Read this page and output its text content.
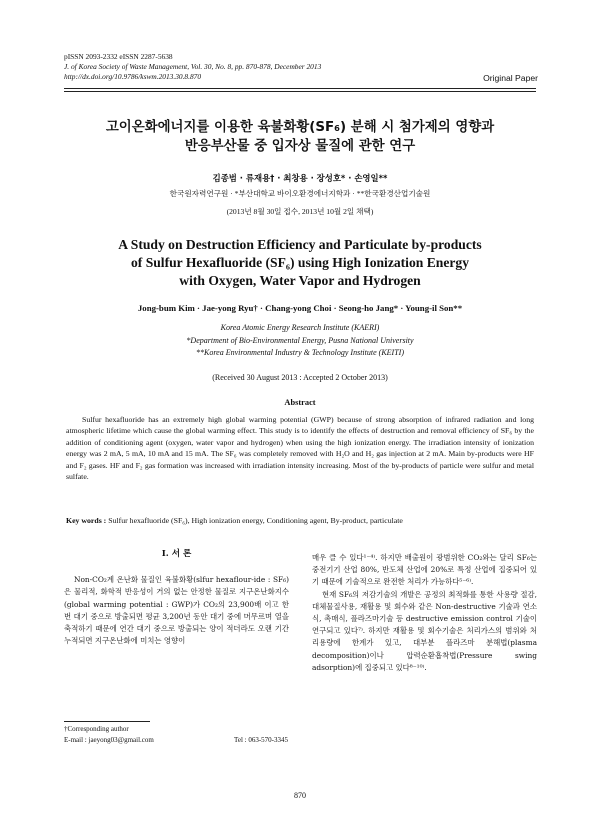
pISSN 2093-2332 eISSN 2287-5638
J. of Korea Society of Waste Management, Vol. 30, No. 8, pp. 870-878, December 2013
http://dx.doi.org/10.9786/kswm.2013.30.8.870	Original Paper
고이온화에너지를 이용한 육불화황(SF₆) 분해 시 첨가제의 영향과
반응부산물 중 입자상 물질에 관한 연구
김종범 · 류재용† · 최창용 · 장성호* · 손영일**
한국원자력연구원 · *부산대학교 바이오환경에너지학과 · **한국환경산업기술원
(2013년 8월 30일 접수, 2013년 10월 2일 채택)
A Study on Destruction Efficiency and Particulate by-products
of Sulfur Hexafluoride (SF₆) using High Ionization Energy
with Oxygen, Water Vapor and Hydrogen
Jong-bum Kim · Jae-yong Ryu† · Chang-yong Choi · Seong-ho Jang* · Young-il Son**
Korea Atomic Energy Research Institute (KAERI)
*Department of Bio-Environmental Energy, Pusna National University
**Korea Environmental Industry & Technology Institute (KEITI)
(Received 30 August 2013 : Accepted 2 October 2013)
Abstract
Sulfur hexafluoride has an extremely high global warming potential (GWP) because of strong absorption of infrared radiation and long atmospheric lifetime which cause the global warming effect. This study is to identify the effects of destruction and removal efficiency of SF₆ by the addition of conditioning agent (oxygen, water vapor and hydrogen) when using the high ionization energy. The irradiation intensity of ionization energy was 2 mA, 5 mA, 10 mA and 15 mA. The SF₆ was completely removed with H₂O and H₂ gas injection at 2 mA. Main by-products were HF and F₂ gases. HF and F₂ gas formation was increased with irradiation intensity increasing. Most of the by-products of particle were sulfur and metal sulfate.
Key words : Sulfur hexafluoride (SF₆), High ionization energy, Conditioning agent, By-product, particulate
I. 서 론

Non-CO₂계 온난화 물질인 육불화황(slfur hexaflour-ide : SF₆)은 물리적, 화학적 반응성이 거의 없는 안정한 물질로 지구온난화지수(global warming potential : GWP)가 CO₂의 23,900배 이고 한번 대기 중으로 방출되면 평균 3,200년 동안 대기 중에 머무르며 열을 축적하기 때문에 연간 대기 중으로 방출되는 양이 적더라도 오랜 기간 누적되면 지구온난화에 미치는 영향이

매우 클 수 있다¹⁻⁴⁾. 하지만 배출원이 광범위한 CO₂와는 달리 SF₆는 중전기기 산업 80%, 반도체 산업에 20%로 특정 산업에 집중되어 있기 때문에 기술적으로 완전한 처리가 가능하다⁵⁻⁶⁾.

현재 SF₆의 저감기술의 개발은 공정의 최적화를 통한 사용량 절감, 대체물질사용, 재활용 및 회수와 같은 Non-destructive 기술과 연소식, 촉매식, 플라즈마기술 등 destructive emission control 기술이 연구되고 있다⁷⁾. 하지만 재활용 및 회수기술은 처리가스의 범위와 처리용량에 한계가 있고, 대부분 플라즈마 분해법(plasma decomposition)이나 압력순환흡착법(Pressure swing adsorption)에 집중되고 있다⁸⁻¹⁰⁾.

†Corresponding author
E-mail : jaeyong03@gmail.com	Tel : 063-570-3345
870
